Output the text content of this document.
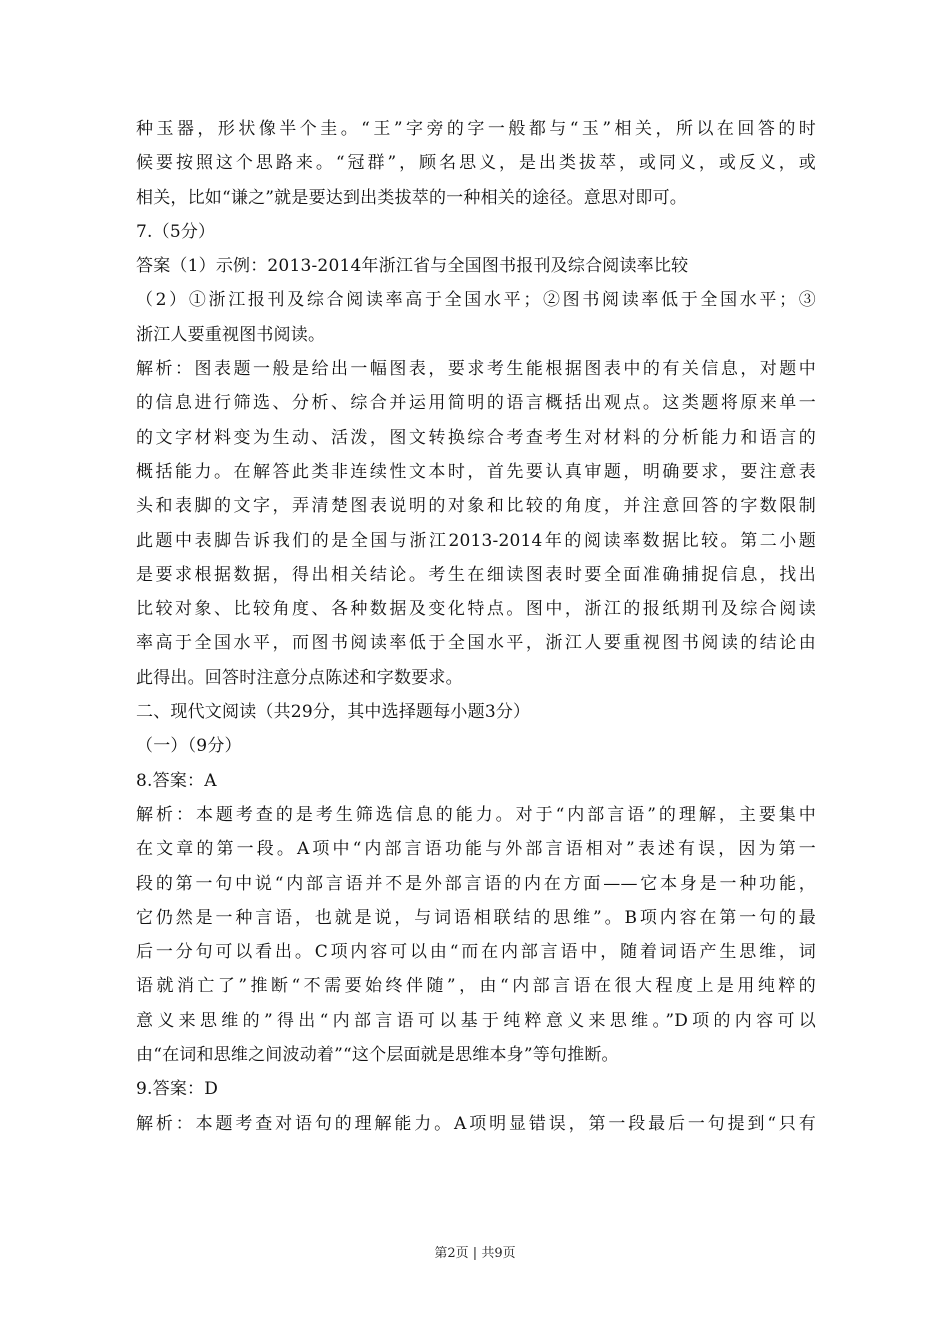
种玉器，形状像半个圭。“王”字旁的字一般都与“玉”相关，所以在回答的时
候要按照这个思路来。“冠群”，顾名思义，是出类拔萃，或同义，或反义，或
相关，比如“谦之”就是要达到出类拔萃的一种相关的途径。意思对即可。
7.（5分）
答案（1）示例：2013-2014年浙江省与全国图书报刊及综合阅读率比较
（2）①浙江报刊及综合阅读率高于全国水平；②图书阅读率低于全国水平；③
浙江人要重视图书阅读。
解析：图表题一般是给出一幅图表，要求考生能根据图表中的有关信息，对题中
的信息进行筛选、分析、综合并运用简明的语言概括出观点。这类题将原来单一
的文字材料变为生动、活泼，图文转换综合考查考生对材料的分析能力和语言的
概括能力。在解答此类非连续性文本时，首先要认真审题，明确要求，要注意表
头和表脚的文字，弄清楚图表说明的对象和比较的角度，并注意回答的字数限制
此题中表脚告诉我们的是全国与浙江2013-2014年的阅读率数据比较。第二小题
是要求根据数据，得出相关结论。考生在细读图表时要全面准确捕捉信息，找出
比较对象、比较角度、各种数据及变化特点。图中，浙江的报纸期刊及综合阅读
率高于全国水平，而图书阅读率低于全国水平，浙江人要重视图书阅读的结论由
此得出。回答时注意分点陈述和字数要求。
二、现代文阅读（共29分，其中选择题每小题3分）
（一）（9分）
8.答案：A
解析：本题考查的是考生筛选信息的能力。对于“内部言语”的理解，主要集中
在文章的第一段。A项中“内部言语功能与外部言语相对”表述有误，因为第一
段的第一句中说“内部言语并不是外部言语的内在方面——它本身是一种功能，
它仍然是一种言语，也就是说，与词语相联结的思维”。B项内容在第一句的最
后一分句可以看出。C项内容可以由“而在内部言语中，随着词语产生思维，词
语就消亡了”推断“不需要始终伴随”，由“内部言语在很大程度上是用纯粹的
意义来思维的”得出“内部言语可以基于纯粹意义来思维。”D项的内容可以
由“在词和思维之间波动着”“这个层面就是思维本身”等句推断。
9.答案：D
解析：本题考查对语句的理解能力。A项明显错误，第一段最后一句提到“只有
第2页 | 共9页
